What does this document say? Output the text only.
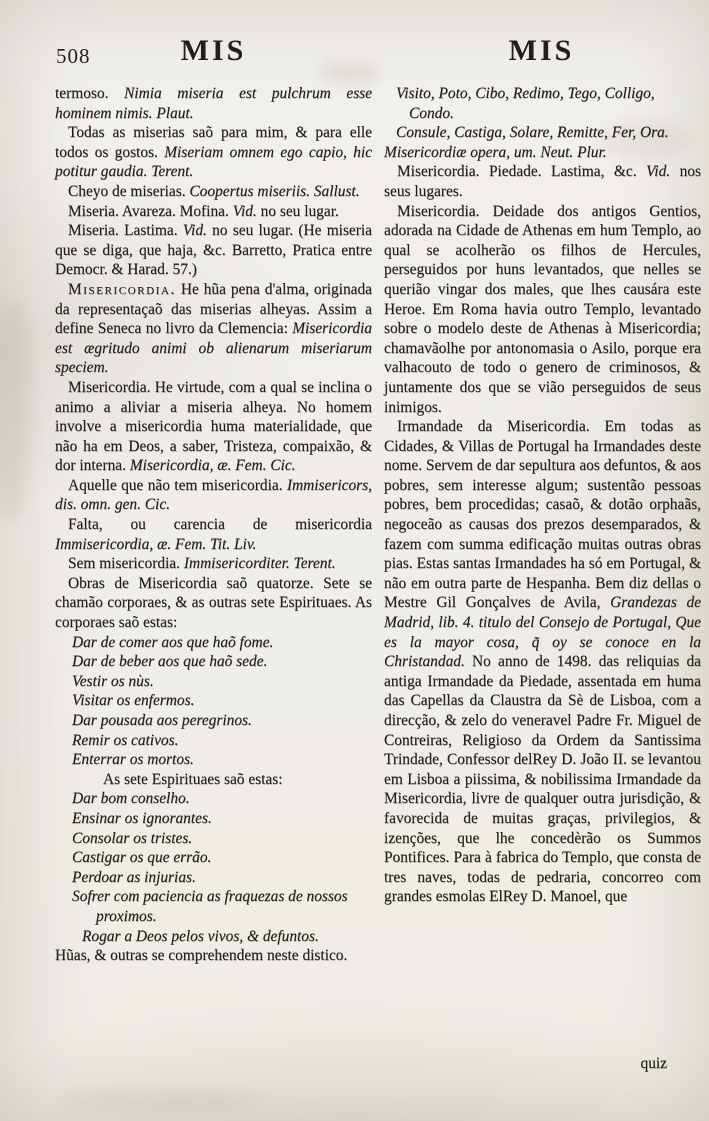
508	MIS	MIS

termoso. Nimia miseria est pulchrum esse hominem nimis. Plaut.

Todas as miserias saõ para mim, & para elle todos os gostos. Miseriam omnem ego capio, hic potitur gaudia. Terent.

Cheyo de miserias. Coopertus miseriis. Sallust.

Miseria. Avareza. Mofina. Vid. no seu lugar.

Miseria. Lastima. Vid. no seu lugar. (He miseria que se diga, que haja, &c. Barretto, Pratica entre Democr. & Harad. 57.)

Misericordia. He hũa pena d'alma, originada da representaçaõ das miserias alheyas. Assim a define Seneca no livro da Clemencia: Misericordia est ægritudo animi ob alienarum miseriarum speciem.

Misericordia. He virtude, com a qual se inclina o animo a aliviar a miseria alheya. No homem involve a misericordia huma materialidade, que não ha em Deos, a saber, Tristeza, compaixão, & dor interna. Misericordia, æ. Fem. Cic.

Aquelle que não tem misericordia. Immisericors, dis. omn. gen. Cic.

Falta, ou carencia de misericordia Immisericordia, æ. Fem. Tit. Liv.

Sem misericordia. Immisericorditer. Terent.

Obras de Misericordia saõ quatorze. Sete se chamão corporaes, & as outras sete Espirituaes. As corporaes saõ estas:

Dar de comer aos que haõ fome.

Dar de beber aos que haõ sede.

Vestir os nùs.

Visitar os enfermos.

Dar pousada aos peregrinos.

Remir os cativos.

Enterrar os mortos.

As sete Espirituaes saõ estas:

Dar bom conselho.

Ensinar os ignorantes.

Consolar os tristes.

Castigar os que errão.

Perdoar as injurias.

Sofrer com paciencia as fraquezas de nossos proximos.

Rogar a Deos pelos vivos, & defuntos.

Hũas, & outras se comprehendem neste distico.

Visito, Poto, Cibo, Redimo, Tego, Colligo, Condo.

Consule, Castiga, Solare, Remitte, Fer, Ora.

Misericordiæ opera, um. Neut. Plur.

Misericordia. Piedade. Lastima, &c. Vid. nos seus lugares.

Misericordia. Deidade dos antigos Gentios, adorada na Cidade de Athenas em hum Templo, ao qual se acolherão os filhos de Hercules, perseguidos por huns levantados, que nelles se querião vingar dos males, que lhes causára este Heroe. Em Roma havia outro Templo, levantado sobre o modelo deste de Athenas à Misericordia; chamavãolhe por antonomasia o Asilo, porque era valhacouto de todo o genero de criminosos, & juntamente dos que se vião perseguidos de seus inimigos.

Irmandade da Misericordia. Em todas as Cidades, & Villas de Portugal ha Irmandades deste nome. Servem de dar sepultura aos defuntos, & aos pobres, sem interesse algum; sustentão pessoas pobres, bem procedidas; casaõ, & dotão orphaãs, negoceão as causas dos prezos desemparados, & fazem com summa edificação muitas outras obras pias. Estas santas Irmandades ha só em Portugal, & não em outra parte de Hespanha. Bem diz dellas o Mestre Gil Gonçalves de Avila, Grandezas de Madrid, lib. 4. titulo del Consejo de Portugal, Que es la mayor cosa, q̃ oy se conoce en la Christandad. No anno de 1498. das reliquias da antiga Irmandade da Piedade, assentada em huma das Capellas da Claustra da Sè de Lisboa, com a direcção, & zelo do veneravel Padre Fr. Miguel de Contreiras, Religioso da Ordem da Santissima Trindade, Confessor delRey D. João II. se levantou em Lisboa a piissima, & nobilissima Irmandade da Misericordia, livre de qualquer outra jurisdição, & favorecida de muitas graças, privilegios, & izenções, que lhe concedèrão os Summos Pontifices. Para à fabrica do Templo, que consta de tres naves, todas de pedraria, concorreo com grandes esmolas ElRey D. Manoel, que

quiz
